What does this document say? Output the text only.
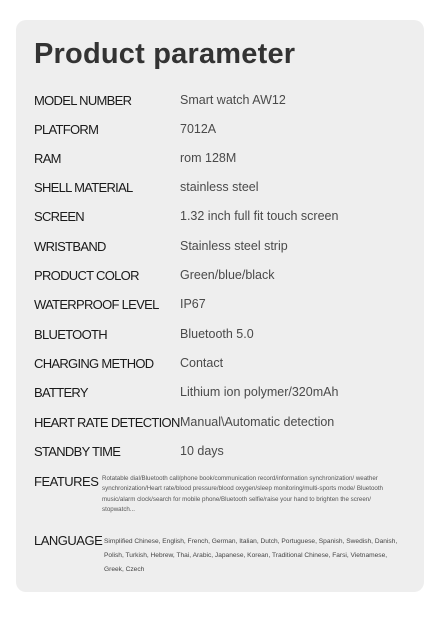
Product parameter
MODEL NUMBER	Smart watch AW12
PLATFORM	7012A
RAM	rom 128M
SHELL MATERIAL	stainless steel
SCREEN	1.32 inch full fit touch screen
WRISTBAND	Stainless steel strip
PRODUCT COLOR	Green/blue/black
WATERPROOF LEVEL IP67
BLUETOOTH	Bluetooth 5.0
CHARGING METHOD Contact
BATTERY	Lithium ion polymer/320mAh
HEART RATE DETECTION Manual\Automatic detection
STANDBY TIME	10 days
FEATURES Rotatable dial/Bluetooth call/phone book/communication record/information synchronization/ weather synchronization/Heart rate/blood pressure/blood oxygen/sleep monitoring/multi-sports mode/ Bluetooth music/alarm clock/search for mobile phone/Bluetooth selfie/raise your hand to brighten the screen/ stopwatch...
LANGUAGE Simplified Chinese, English, French, German, Italian, Dutch, Portuguese, Spanish, Swedish, Danish, Polish, Turkish, Hebrew, Thai, Arabic, Japanese, Korean, Traditional Chinese, Farsi, Vietnamese, Greek, Czech
